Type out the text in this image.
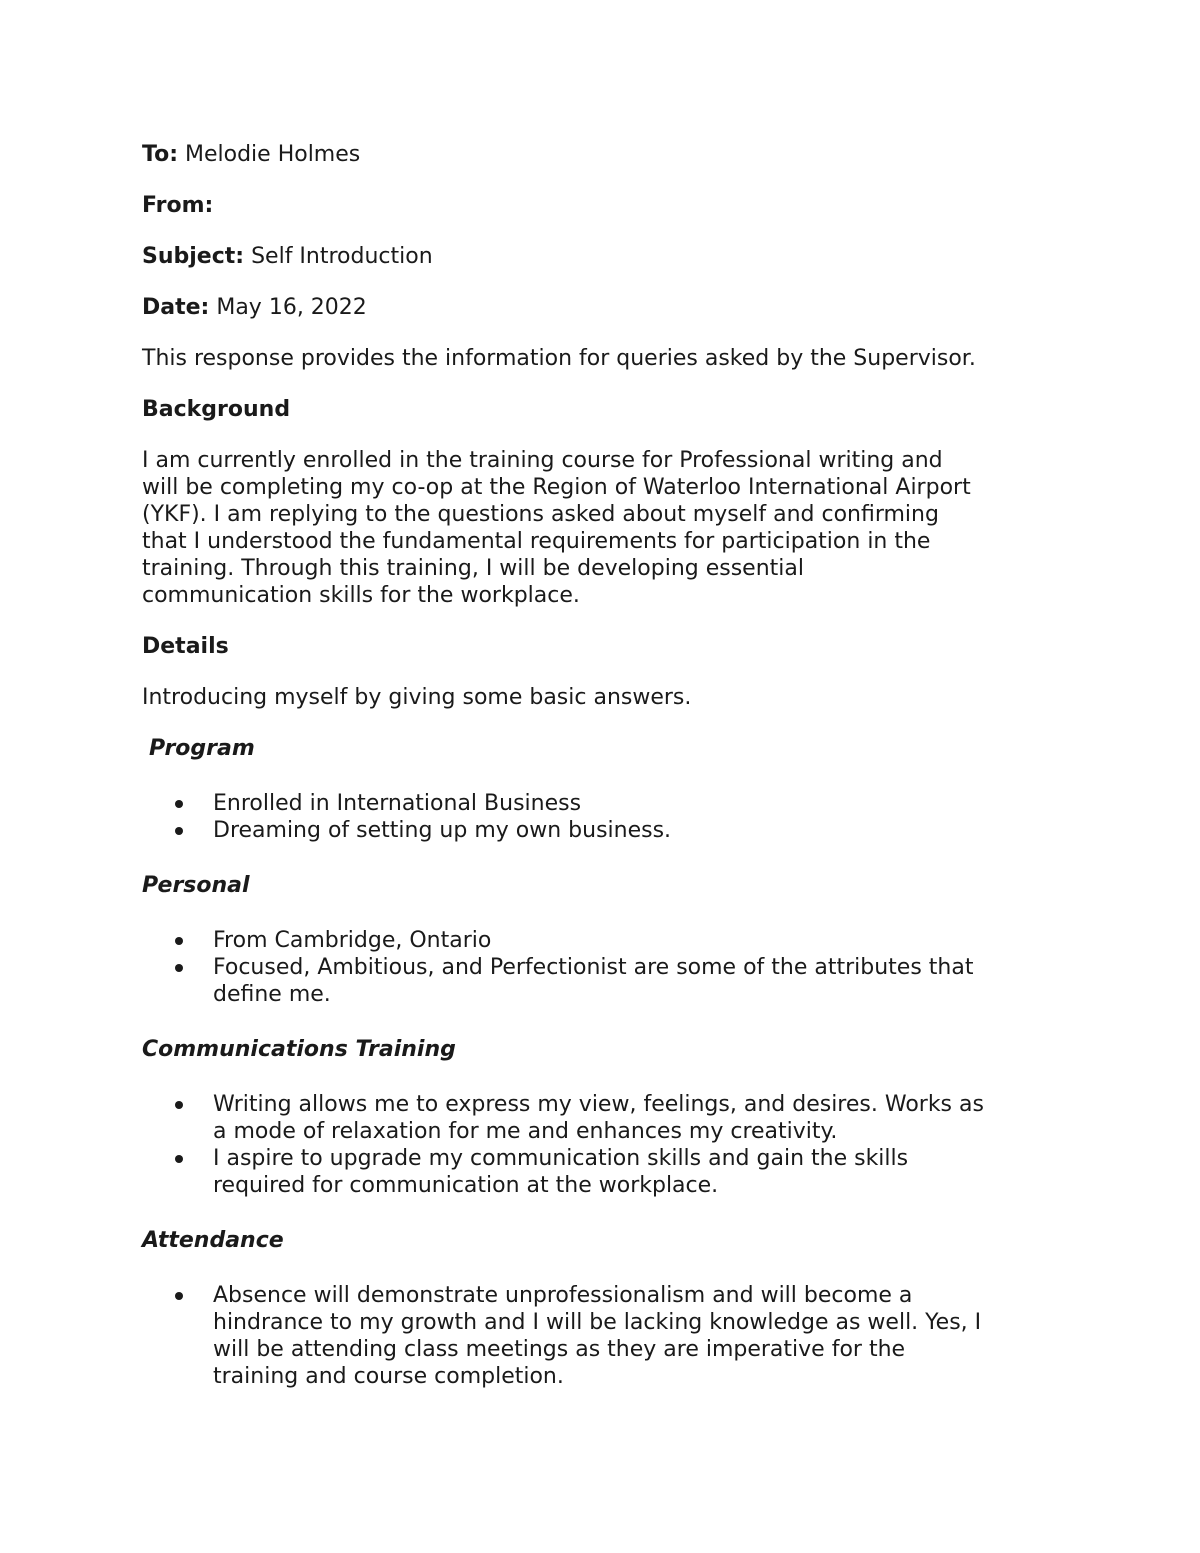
To: Melodie Holmes

From:

Subject: Self Introduction

Date: May 16, 2022

This response provides the information for queries asked by the Supervisor.

Background

I am currently enrolled in the training course for Professional writing and
will be completing my co-op at the Region of Waterloo International Airport
(YKF). I am replying to the questions asked about myself and confirming
that I understood the fundamental requirements for participation in the
training. Through this training, I will be developing essential
communication skills for the workplace.

Details

Introducing myself by giving some basic answers.

Program

Enrolled in International Business
Dreaming of setting up my own business.

Personal

From Cambridge, Ontario
Focused, Ambitious, and Perfectionist are some of the attributes that
define me.

Communications Training

Writing allows me to express my view, feelings, and desires. Works as
a mode of relaxation for me and enhances my creativity.
I aspire to upgrade my communication skills and gain the skills
required for communication at the workplace.

Attendance

Absence will demonstrate unprofessionalism and will become a
hindrance to my growth and I will be lacking knowledge as well. Yes, I
will be attending class meetings as they are imperative for the
training and course completion.
